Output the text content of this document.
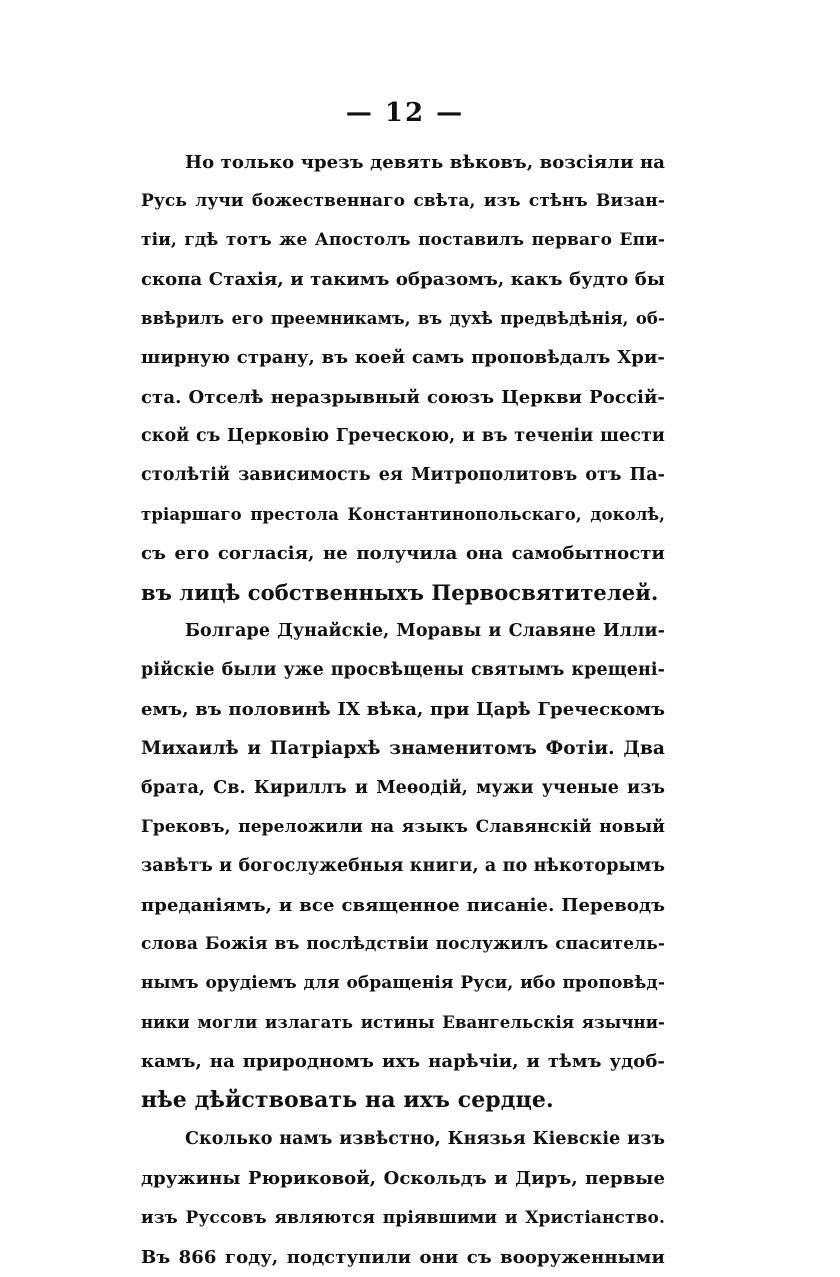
— 12 —
Но только чрезъ девять вѣковъ, возсіяли на
Русь лучи божественнаго свѣта, изъ стѣнъ Визан-
тіи, гдѣ тотъ же Апостолъ поставилъ перваго Епи-
скопа Стахія, и такимъ образомъ, какъ будто бы
ввѣрилъ его преемникамъ, въ духѣ предвѣдѣнія, об-
ширную страну, въ коей самъ проповѣдалъ Хри-
ста. Отселѣ неразрывный союзъ Церкви Россій-
ской съ Церковію Греческою, и въ теченіи шести
столѣтій зависимость ея Митрополитовъ отъ Па-
тріаршаго престола Константинопольскаго, доколѣ,
съ его согласія, не получила она самобытности
въ лицѣ собственныхъ Первосвятителей.
Болгаре Дунайскіе, Моравы и Славяне Илли-
рійскіе были уже просвѣщены святымъ крещені-
емъ, въ половинѣ IX вѣка, при Царѣ Греческомъ
Михаилѣ и Патріархѣ знаменитомъ Фотіи. Два
брата, Св. Кириллъ и Меѳодій, мужи ученые изъ
Грековъ, переложили на языкъ Славянскій новый
завѣтъ и богослужебныя книги, а по нѣкоторымъ
преданіямъ, и все священное писаніе. Переводъ
слова Божія въ послѣдствіи послужилъ спаситель-
нымъ орудіемъ для обращенія Руси, ибо проповѣд-
ники могли излагать истины Евангельскія язычни-
камъ, на природномъ ихъ нарѣчіи, и тѣмъ удоб-
нѣе дѣйствовать на ихъ сердце.
Сколько намъ извѣстно, Князья Кіевскіе изъ
дружины Рюриковой, Оскольдъ и Диръ, первые
изъ Руссовъ являются пріявшими и Христіанство.
Въ 866 году, подступили они съ вооруженными
